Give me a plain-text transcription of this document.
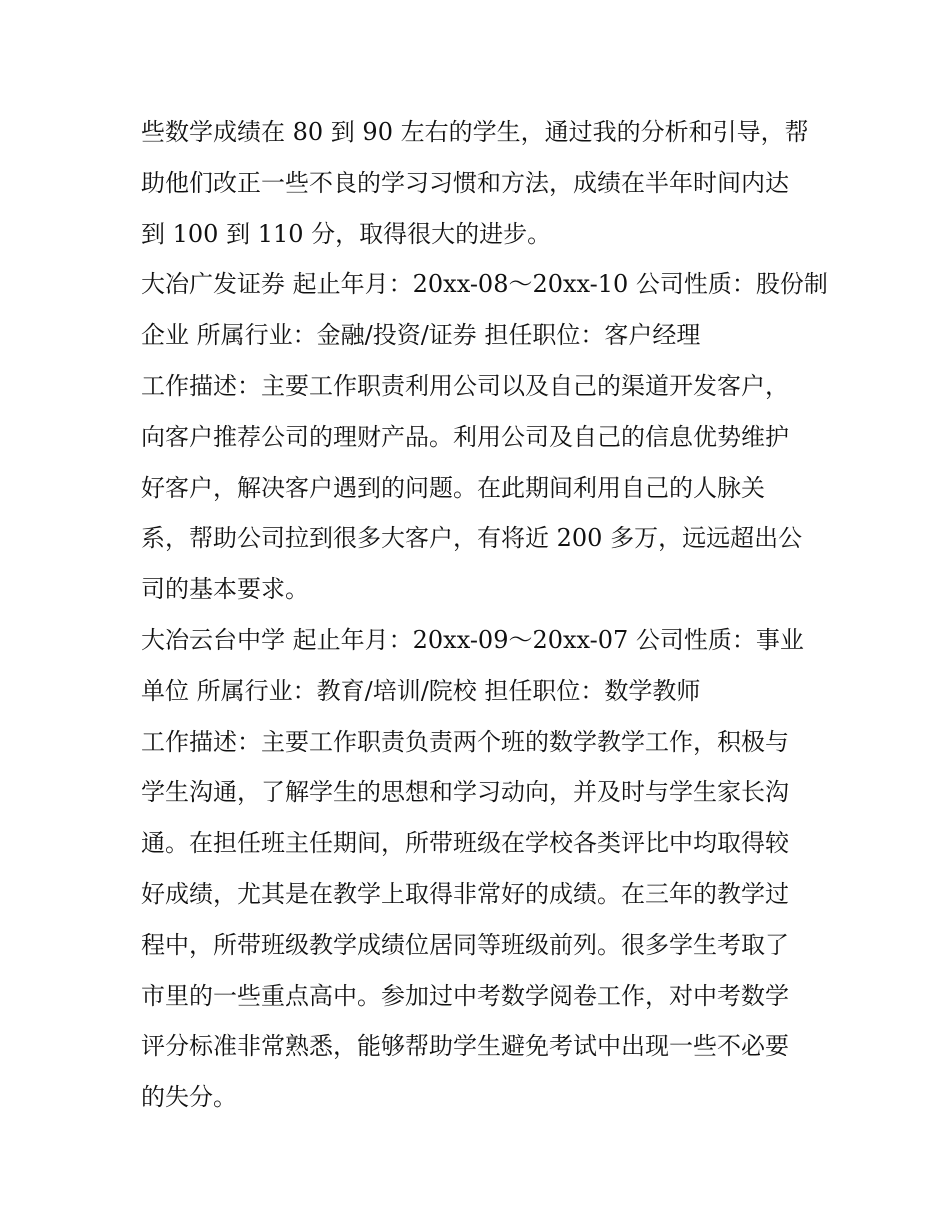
些数学成绩在 80 到 90 左右的学生，通过我的分析和引导，帮
助他们改正一些不良的学习习惯和方法，成绩在半年时间内达
到 100 到 110 分，取得很大的进步。
大冶广发证券 起止年月：20xx-08～20xx-10 公司性质：股份制
企业 所属行业：金融/投资/证券 担任职位：客户经理
工作描述：主要工作职责利用公司以及自己的渠道开发客户，
向客户推荐公司的理财产品。利用公司及自己的信息优势维护
好客户，解决客户遇到的问题。在此期间利用自己的人脉关
系，帮助公司拉到很多大客户，有将近 200 多万，远远超出公
司的基本要求。
大冶云台中学 起止年月：20xx-09～20xx-07 公司性质：事业
单位 所属行业：教育/培训/院校 担任职位：数学教师
工作描述：主要工作职责负责两个班的数学教学工作，积极与
学生沟通，了解学生的思想和学习动向，并及时与学生家长沟
通。在担任班主任期间，所带班级在学校各类评比中均取得较
好成绩，尤其是在教学上取得非常好的成绩。在三年的教学过
程中，所带班级教学成绩位居同等班级前列。很多学生考取了
市里的一些重点高中。参加过中考数学阅卷工作，对中考数学
评分标准非常熟悉，能够帮助学生避免考试中出现一些不必要
的失分。
